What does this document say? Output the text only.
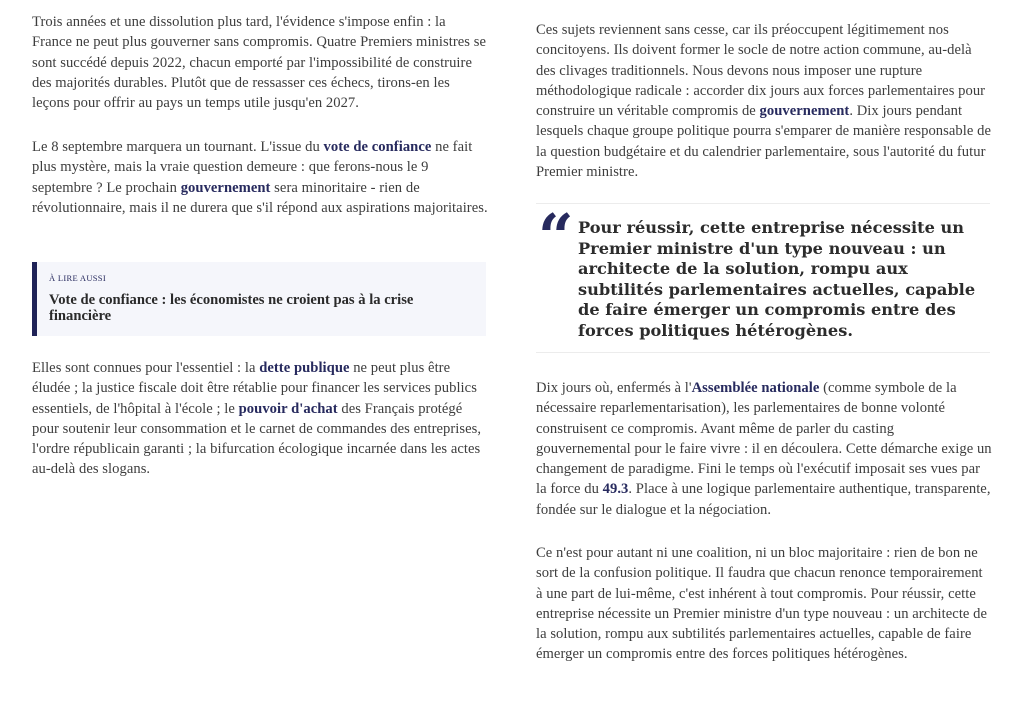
Trois années et une dissolution plus tard, l'évidence s'impose enfin : la France ne peut plus gouverner sans compromis. Quatre Premiers ministres se sont succédé depuis 2022, chacun emporté par l'impossibilité de construire des majorités durables. Plutôt que de ressasser ces échecs, tirons-en les leçons pour offrir au pays un temps utile jusqu'en 2027.

Le 8 septembre marquera un tournant. L'issue du vote de confiance ne fait plus mystère, mais la vraie question demeure : que ferons-nous le 9 septembre ? Le prochain gouvernement sera minoritaire - rien de révolutionnaire, mais il ne durera que s'il répond aux aspirations majoritaires.

À LIRE AUSSI
Vote de confiance : les économistes ne croient pas à la crise financière

Elles sont connues pour l'essentiel : la dette publique ne peut plus être éludée ; la justice fiscale doit être rétablie pour financer les services publics essentiels, de l'hôpital à l'école ; le pouvoir d'achat des Français protégé pour soutenir leur consommation et le carnet de commandes des entreprises, l'ordre républicain garanti ; la bifurcation écologique incarnée dans les actes au-delà des slogans.

Ces sujets reviennent sans cesse, car ils préoccupent légitimement nos concitoyens. Ils doivent former le socle de notre action commune, au-delà des clivages traditionnels. Nous devons nous imposer une rupture méthodologique radicale : accorder dix jours aux forces parlementaires pour construire un véritable compromis de gouvernement. Dix jours pendant lesquels chaque groupe politique pourra s'emparer de manière responsable de la question budgétaire et du calendrier parlementaire, sous l'autorité du futur Premier ministre.

“ Pour réussir, cette entreprise nécessite un Premier ministre d'un type nouveau : un architecte de la solution, rompu aux subtilités parlementaires actuelles, capable de faire émerger un compromis entre des forces politiques hétérogènes.

Dix jours où, enfermés à l'Assemblée nationale (comme symbole de la nécessaire reparlementarisation), les parlementaires de bonne volonté construisent ce compromis. Avant même de parler du casting gouvernemental pour le faire vivre : il en découlera. Cette démarche exige un changement de paradigme. Fini le temps où l'exécutif imposait ses vues par la force du 49.3. Place à une logique parlementaire authentique, transparente, fondée sur le dialogue et la négociation.

Ce n'est pour autant ni une coalition, ni un bloc majoritaire : rien de bon ne sort de la confusion politique. Il faudra que chacun renonce temporairement à une part de lui-même, c'est inhérent à tout compromis. Pour réussir, cette entreprise nécessite un Premier ministre d'un type nouveau : un architecte de la solution, rompu aux subtilités parlementaires actuelles, capable de faire émerger un compromis entre des forces politiques hétérogènes.
